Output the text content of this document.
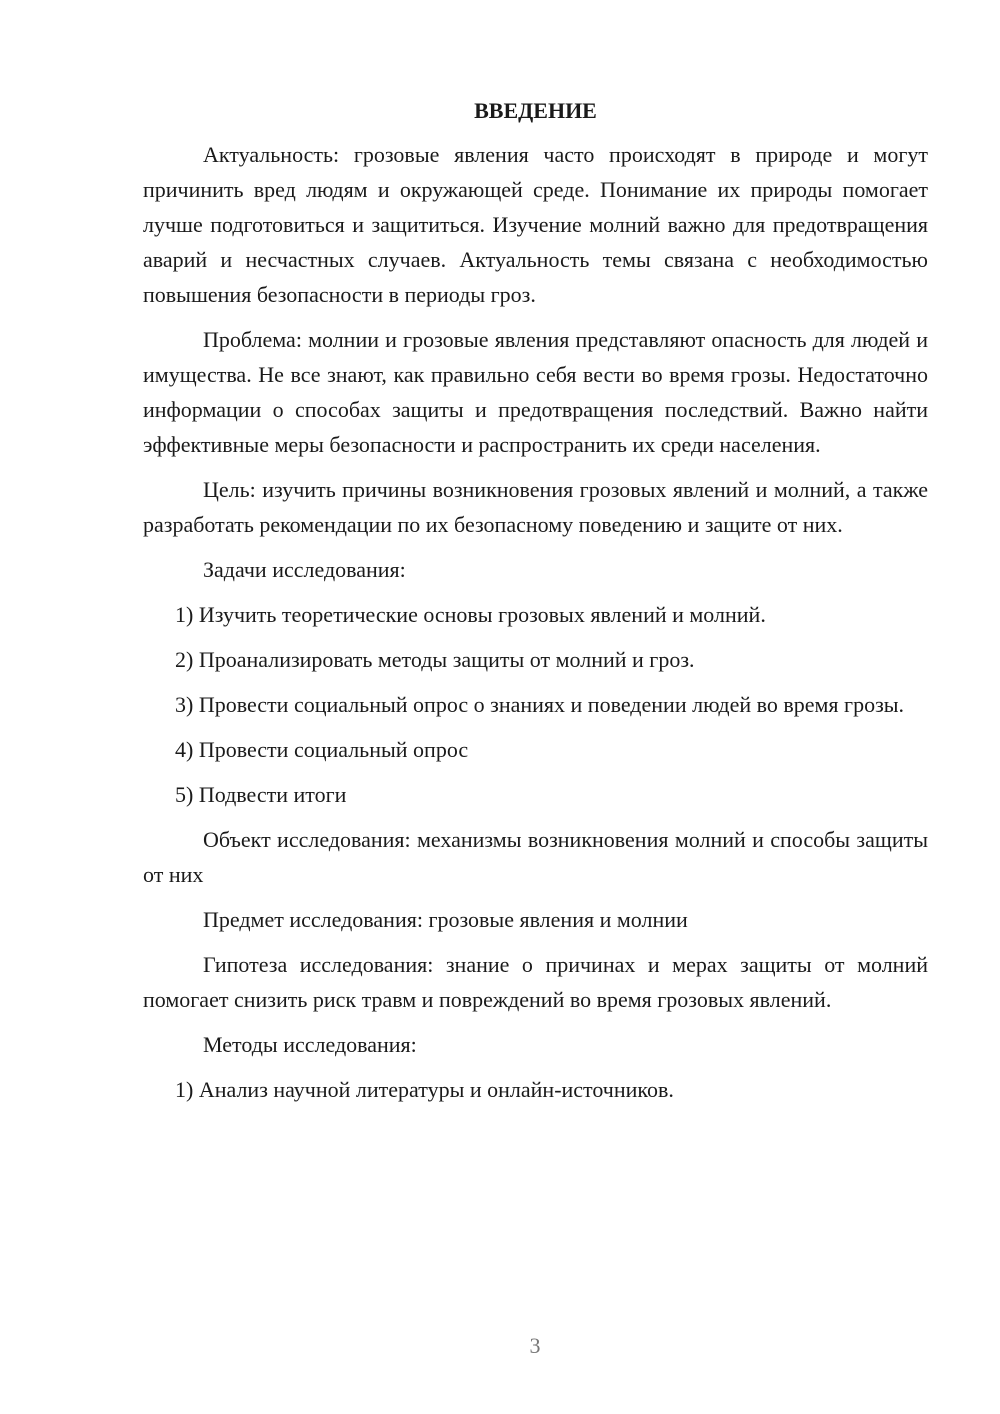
ВВЕДЕНИЕ

Актуальность: грозовые явления часто происходят в природе и могут причинить вред людям и окружающей среде. Понимание их природы помогает лучше подготовиться и защититься. Изучение молний важно для предотвращения аварий и несчастных случаев. Актуальность темы связана с необходимостью повышения безопасности в периоды гроз.

Проблема: молнии и грозовые явления представляют опасность для людей и имущества. Не все знают, как правильно себя вести во время грозы. Недостаточно информации о способах защиты и предотвращения последствий. Важно найти эффективные меры безопасности и распространить их среди населения.

Цель: изучить причины возникновения грозовых явлений и молний, а также разработать рекомендации по их безопасному поведению и защите от них.

Задачи исследования:

1) Изучить теоретические основы грозовых явлений и молний.

2) Проанализировать методы защиты от молний и гроз.

3) Провести социальный опрос о знаниях и поведении людей во время грозы.

4) Провести социальный опрос

5) Подвести итоги

Объект исследования: механизмы возникновения молний и способы защиты от них

Предмет исследования: грозовые явления и молнии

Гипотеза исследования: знание о причинах и мерах защиты от молний помогает снизить риск травм и повреждений во время грозовых явлений.

Методы исследования:

1) Анализ научной литературы и онлайн-источников.

3
